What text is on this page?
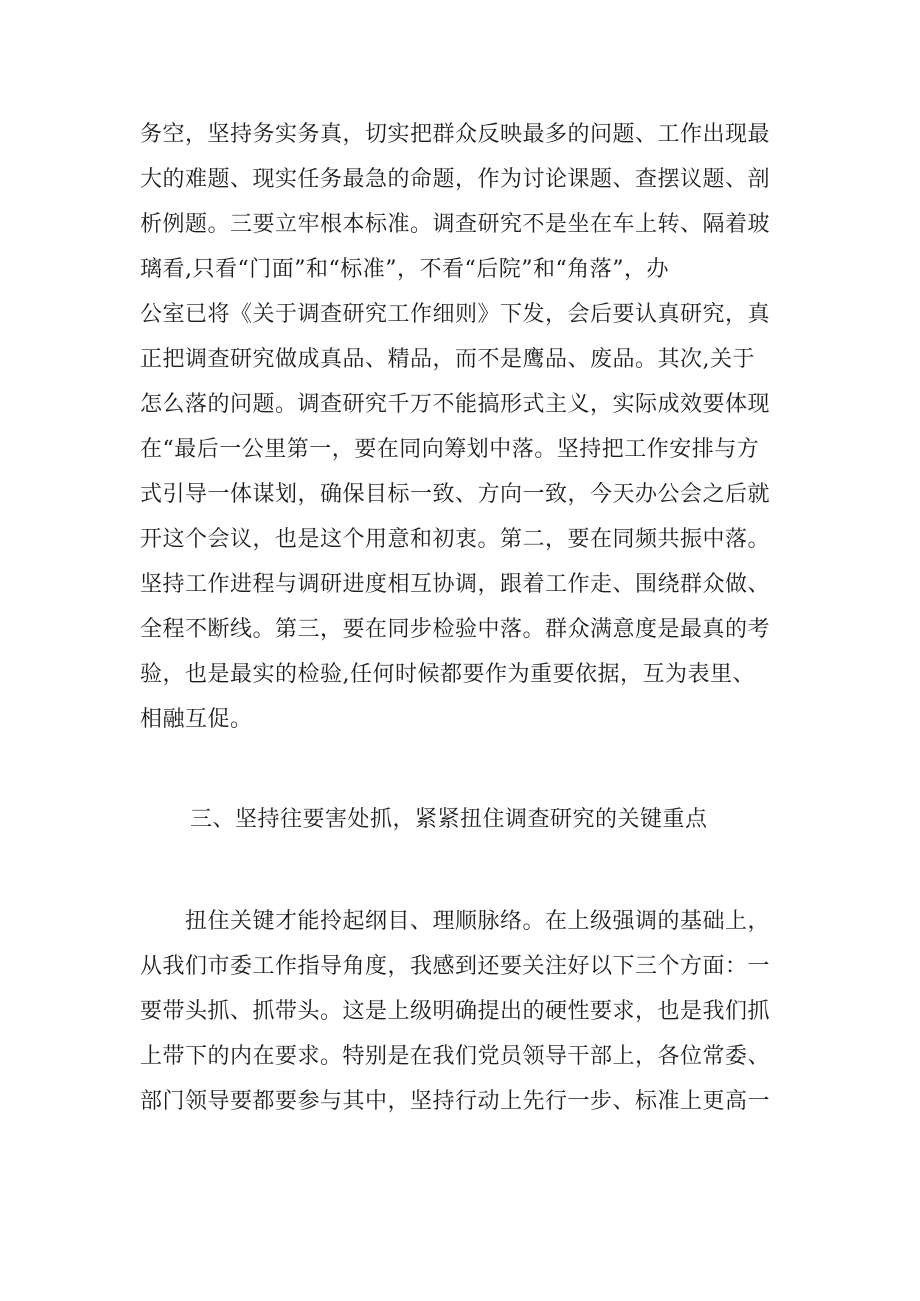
务空，坚持务实务真，切实把群众反映最多的问题、工作出现最
大的难题、现实任务最急的命题，作为讨论课题、查摆议题、剖
析例题。三要立牢根本标准。调查研究不是坐在车上转、隔着玻
璃看,只看“门面”和“标准”，不看“后院”和“角落”，办
公室已将《关于调查研究工作细则》下发，会后要认真研究，真
正把调查研究做成真品、精品，而不是鹰品、废品。其次,关于
怎么落的问题。调查研究千万不能搞形式主义，实际成效要体现
在“最后一公里第一，要在同向筹划中落。坚持把工作安排与方
式引导一体谋划，确保目标一致、方向一致，今天办公会之后就
开这个会议，也是这个用意和初衷。第二，要在同频共振中落。
坚持工作进程与调研进度相互协调，跟着工作走、围绕群众做、
全程不断线。第三，要在同步检验中落。群众满意度是最真的考
验，也是最实的检验,任何时候都要作为重要依据，互为表里、
相融互促。
三、坚持往要害处抓，紧紧扭住调查研究的关键重点
扭住关键才能拎起纲目、理顺脉络。在上级强调的基础上，
从我们市委工作指导角度，我感到还要关注好以下三个方面：一
要带头抓、抓带头。这是上级明确提出的硬性要求，也是我们抓
上带下的内在要求。特别是在我们党员领导干部上，各位常委、
部门领导要都要参与其中，坚持行动上先行一步、标准上更高一
